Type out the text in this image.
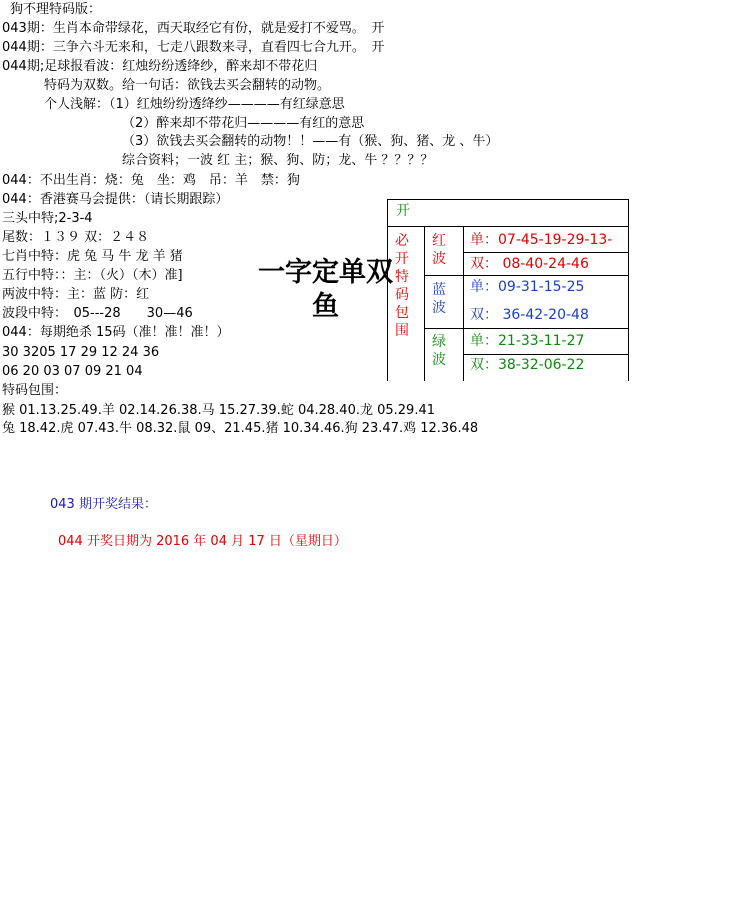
狗不理特码版：
043期：生肖本命带绿花，西天取经它有份，就是爱打不爱骂。　开
044期：三争六斗无来和，七走八跟数来寻，直看四七合九开。　开
044期;足球报看波：红烛纷纷透绛纱，醉来却不带花归
特码为双数。给一句话：欲钱去买会翻转的动物。
个人浅解：（1）红烛纷纷透绛纱————有红绿意思
（2）醉来却不带花归————有红的意思
（3）欲钱去买会翻转的动物！！——有（猴、狗、猪、龙 、牛）
综合资料；一波 红 主；猴、狗、防；龙、牛 ？？？？
044：不出生肖：烧：兔　坐：鸡　吊：羊　禁：狗
044：香港赛马会提供：（请长期跟踪）
三头中特;2-3-4
尾数：１３９ 双：２４８
七肖中特：虎 兔 马 牛 龙 羊 猪
五行中特：：主：（火）（木）准]
两波中特：主：蓝 防：红
波段中特：　05---28　　30—46
044：每期绝杀 15码（准！准！准！）
30 3205 17 29 12 24 36
06 20 03 07 09 21 04
特码包围：
猴 01.13.25.49.羊 02.14.26.38.马 15.27.39.蛇 04.28.40.龙 05.29.41
兔 18.42.虎 07.43.牛 08.32.鼠 09、21.45.猪 10.34.46.狗 23.47.鸡 12.36.48
一字定单双
鱼
开
必
开
特
码
包
围
红
波
蓝
波
绿
波
单：07-45-19-29-13-
双： 08-40-24-46
单：09-31-15-25
双： 36-42-20-48
单：21-33-11-27
双：38-32-06-22
043 期开奖结果：
044 开奖日期为 2016 年 04 月 17 日（星期日）
